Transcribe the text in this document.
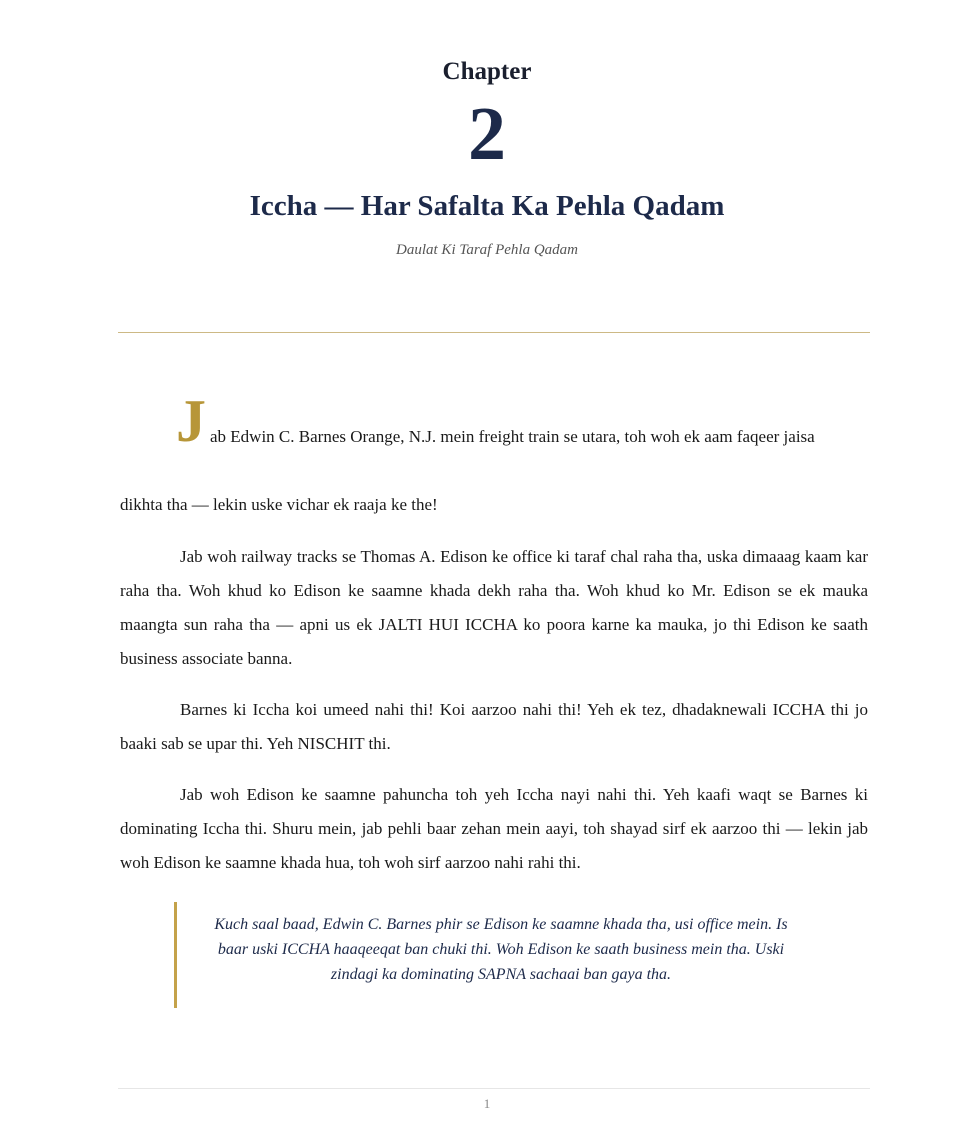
Chapter
2
Iccha — Har Safalta Ka Pehla Qadam
Daulat Ki Taraf Pehla Qadam
J ab Edwin C. Barnes Orange, N.J. mein freight train se utara, toh woh ek aam faqeer jaisa
dikhta tha — lekin uske vichar ek raaja ke the!

Jab woh railway tracks se Thomas A. Edison ke office ki taraf chal raha tha, uska dimaaag kaam kar raha tha. Woh khud ko Edison ke saamne khada dekh raha tha. Woh khud ko Mr. Edison se ek mauka maangta sun raha tha — apni us ek JALTI HUI ICCHA ko poora karne ka mauka, jo thi Edison ke saath business associate banna.

Barnes ki Iccha koi umeed nahi thi! Koi aarzoo nahi thi! Yeh ek tez, dhadaknewali ICCHA thi jo baaki sab se upar thi. Yeh NISCHIT thi.

Jab woh Edison ke saamne pahuncha toh yeh Iccha nayi nahi thi. Yeh kaafi waqt se Barnes ki dominating Iccha thi. Shuru mein, jab pehli baar zehan mein aayi, toh shayad sirf ek aarzoo thi — lekin jab woh Edison ke saamne khada hua, toh woh sirf aarzoo nahi rahi thi.

Kuch saal baad, Edwin C. Barnes phir se Edison ke saamne khada tha, usi office mein. Is baar uski ICCHA haaqeeqat ban chuki thi. Woh Edison ke saath business mein tha. Uski zindagi ka dominating SAPNA sachaai ban gaya tha.

1
